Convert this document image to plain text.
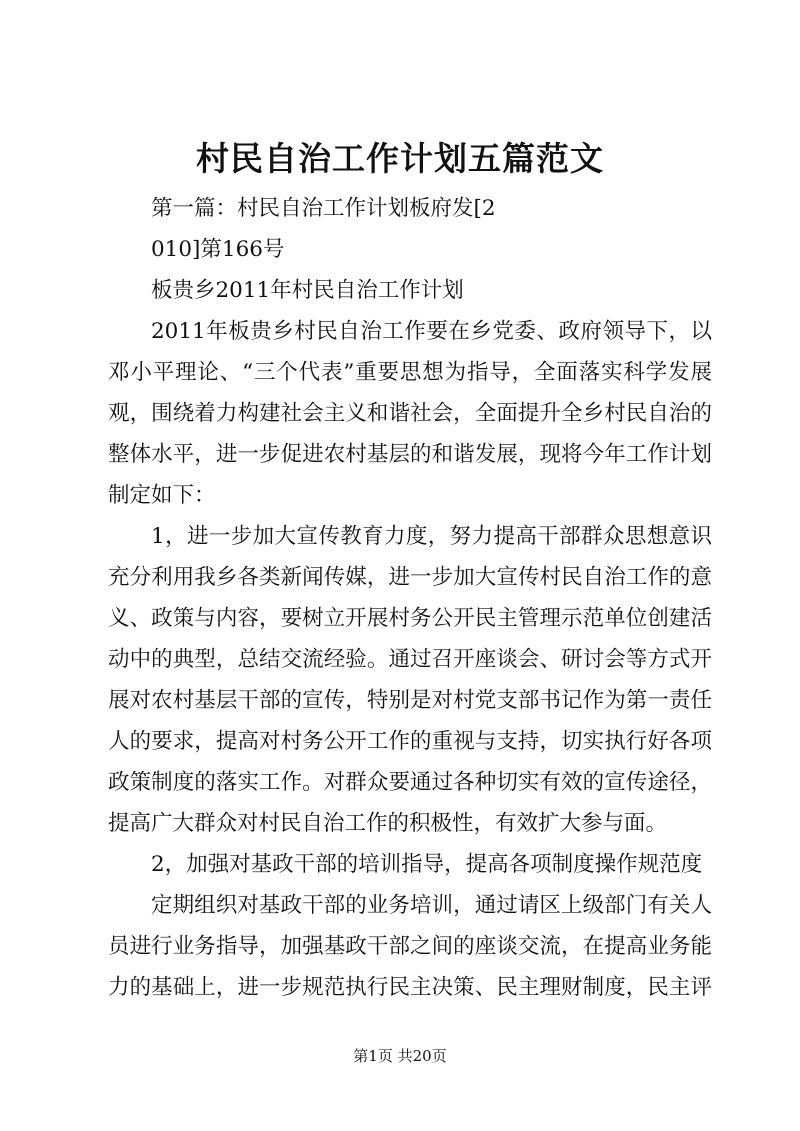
村民自治工作计划五篇范文
第一篇：村民自治工作计划板府发[2
010]第166号
板贵乡2011年村民自治工作计划
2011年板贵乡村民自治工作要在乡党委、政府领导下，以
邓小平理论、“三个代表”重要思想为指导，全面落实科学发展
观，围绕着力构建社会主义和谐社会，全面提升全乡村民自治的
整体水平，进一步促进农村基层的和谐发展，现将今年工作计划
制定如下：
1，进一步加大宣传教育力度，努力提高干部群众思想意识
充分利用我乡各类新闻传媒，进一步加大宣传村民自治工作的意
义、政策与内容，要树立开展村务公开民主管理示范单位创建活
动中的典型，总结交流经验。通过召开座谈会、研讨会等方式开
展对农村基层干部的宣传，特别是对村党支部书记作为第一责任
人的要求，提高对村务公开工作的重视与支持，切实执行好各项
政策制度的落实工作。对群众要通过各种切实有效的宣传途径，
提高广大群众对村民自治工作的积极性，有效扩大参与面。
2，加强对基政干部的培训指导，提高各项制度操作规范度
定期组织对基政干部的业务培训，通过请区上级部门有关人
员进行业务指导，加强基政干部之间的座谈交流，在提高业务能
力的基础上，进一步规范执行民主决策、民主理财制度，民主评
第1页 共20页
